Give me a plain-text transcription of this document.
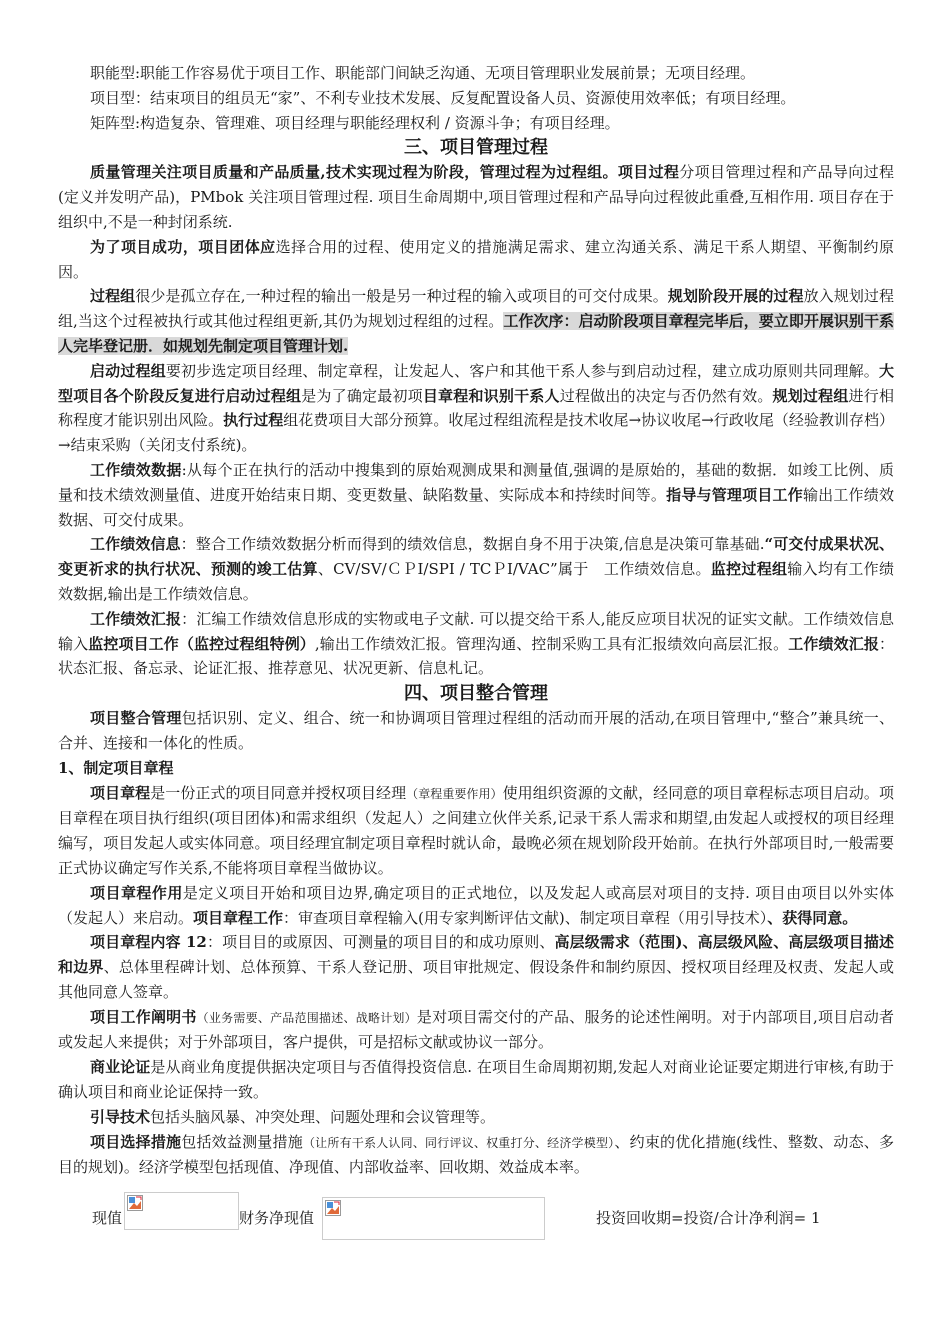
职能型:职能工作容易优于项目工作、职能部门间缺乏沟通、无项目管理职业发展前景；无项目经理。

项目型：结束项目的组员无“家”、不利专业技术发展、反复配置设备人员、资源使用效率低；有项目经理。

矩阵型:构造复杂、管理难、项目经理与职能经理权利 / 资源斗争；有项目经理。

三、项目管理过程

质量管理关注项目质量和产品质量,技术实现过程为阶段，管理过程为过程组。项目过程分项目管理过程和产品导向过程(定义并发明产品)，PMbok 关注项目管理过程. 项目生命周期中,项目管理过程和产品导向过程彼此重叠,互相作用. 项目存在于组织中,不是一种封闭系统.

为了项目成功，项目团体应选择合用的过程、使用定义的措施满足需求、建立沟通关系、满足干系人期望、平衡制约原因。

过程组很少是孤立存在,一种过程的输出一般是另一种过程的输入或项目的可交付成果。规划阶段开展的过程放入规划过程组,当这个过程被执行或其他过程组更新,其仍为规划过程组的过程。工作次序：启动阶段项目章程完毕后，要立即开展识别干系人完毕登记册．如规划先制定项目管理计划.

启动过程组要初步选定项目经理、制定章程，让发起人、客户和其他干系人参与到启动过程，建立成功原则共同理解。大型项目各个阶段反复进行启动过程组是为了确定最初项目章程和识别干系人过程做出的决定与否仍然有效。规划过程组进行相称程度才能识别出风险。执行过程组花费项目大部分预算。收尾过程组流程是技术收尾→协议收尾→行政收尾（经验教训存档）→结束采购（关闭支付系统)。

工作绩效数据:从每个正在执行的活动中搜集到的原始观测成果和测量值,强调的是原始的，基础的数据．如竣工比例、质量和技术绩效测量值、进度开始结束日期、变更数量、缺陷数量、实际成本和持续时间等。指导与管理项目工作输出工作绩效数据、可交付成果。

工作绩效信息：整合工作绩效数据分析而得到的绩效信息，数据自身不用于决策,信息是决策可靠基础.“可交付成果状况、变更祈求的执行状况、预测的竣工估算、CV/SV/ＣＰI/SPI / TCＰI/VAC”属于　工作绩效信息。监控过程组输入均有工作绩效数据,输出是工作绩效信息。

工作绩效汇报：汇编工作绩效信息形成的实物或电子文献. 可以提交给干系人,能反应项目状况的证实文献。工作绩效信息输入监控项目工作（监控过程组特例）,输出工作绩效汇报。管理沟通、控制采购工具有汇报绩效向高层汇报。工作绩效汇报：状态汇报、备忘录、论证汇报、推荐意见、状况更新、信息札记。

四、项目整合管理

项目整合管理包括识别、定义、组合、统一和协调项目管理过程组的活动而开展的活动,在项目管理中,“整合”兼具统一、合并、连接和一体化的性质。

1、制定项目章程

项目章程是一份正式的项目同意并授权项目经理（章程重要作用）使用组织资源的文献，经同意的项目章程标志项目启动。项目章程在项目执行组织(项目团体)和需求组织（发起人）之间建立伙伴关系,记录干系人需求和期望,由发起人或授权的项目经理编写，项目发起人或实体同意。项目经理宜制定项目章程时就认命，最晚必须在规划阶段开始前。在执行外部项目时,一般需要正式协议确定写作关系,不能将项目章程当做协议。

项目章程作用是定义项目开始和项目边界,确定项目的正式地位，以及发起人或高层对项目的支持. 项目由项目以外实体（发起人）来启动。项目章程工作：审查项目章程输入(用专家判断评估文献)、制定项目章程（用引导技术）、获得同意。

项目章程内容 12：项目目的或原因、可测量的项目目的和成功原则、高层级需求（范围)、高层级风险、高层级项目描述和边界、总体里程碑计划、总体预算、干系人登记册、项目审批规定、假设条件和制约原因、授权项目经理及权责、发起人或其他同意人签章。

项目工作阐明书（业务需要、产品范围描述、战略计划）是对项目需交付的产品、服务的论述性阐明。对于内部项目,项目启动者或发起人来提供；对于外部项目，客户提供，可是招标文献或协议一部分。

商业论证是从商业角度提供据决定项目与否值得投资信息. 在项目生命周期初期,发起人对商业论证要定期进行审核,有助于确认项目和商业论证保持一致。

引导技术包括头脑风暴、冲突处理、问题处理和会议管理等。

项目选择措施包括效益测量措施（让所有干系人认同、同行评议、权重打分、经济学模型）、约束的优化措施(线性、整数、动态、多目的规划)。经济学模型包括现值、净现值、内部收益率、回收期、效益成本率。

现值	财务净现值	投资回收期=投资/合计净利润= 1
